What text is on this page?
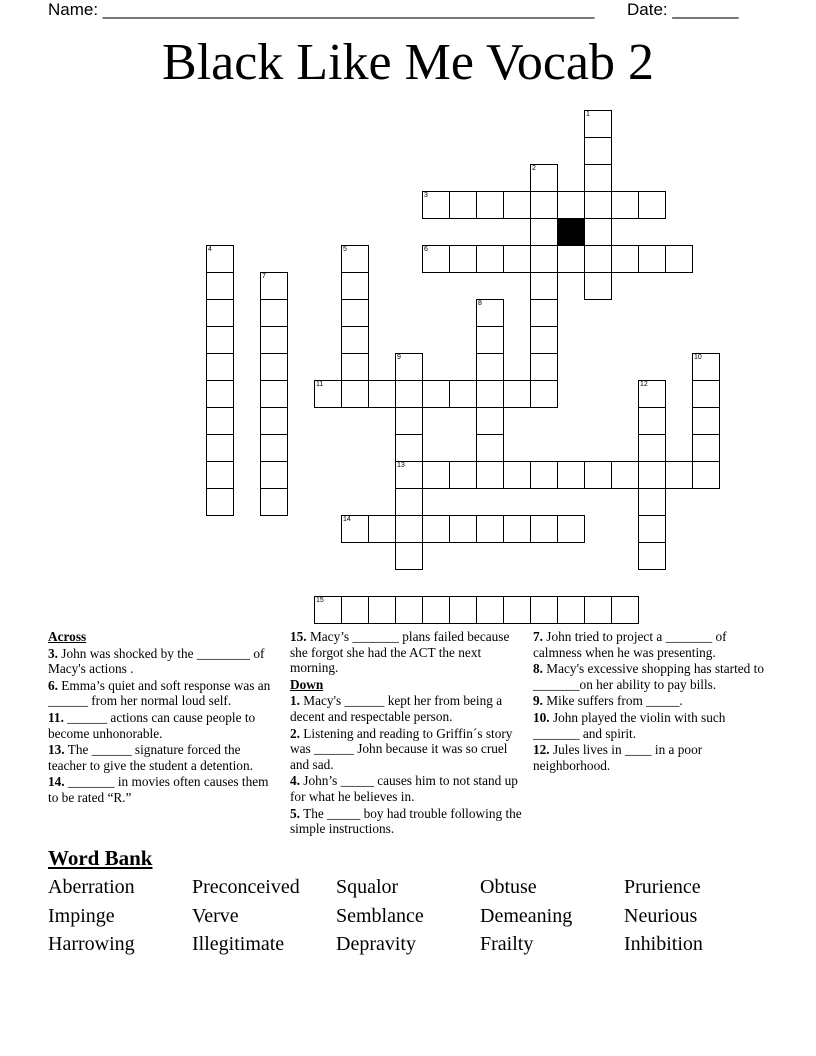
Name: ____________________________________________________ Date: _______
Black Like Me Vocab 2
1
2
3
6
4
7
5
8
9	10
11	12
13
14
15
Across
3. John was shocked by the ________ of Macy's actions .
6. Emma’s quiet and soft response was an ______ from her normal loud self.
11. ______ actions can cause people to become unhonorable.
13. The ______ signature forced the teacher to give the student a detention.
14. _______ in movies often causes them to be rated “R.”
15. Macy’s _______ plans failed because she forgot she had the ACT the next morning.
Down
1. Macy's ______ kept her from being a decent and respectable person.
2. Listening and reading to Griffin´s story was ______ John because it was so cruel and sad.
4. John’s _____ causes him to not stand up for what he believes in.
5. The _____ boy had trouble following the simple instructions.
7. John tried to project a _______ of calmness when he was presenting.
8. Macy's excessive shopping has started to _______on her ability to pay bills.
9. Mike suffers from _____.
10. John played the violin with such _______ and spirit.
12. Jules lives in ____ in a poor neighborhood.
Word Bank
Aberration	Preconceived	Squalor	Obtuse	Prurience
Impinge	Verve	Semblance	Demeaning	Neurious
Harrowing	Illegitimate	Depravity	Frailty	Inhibition
